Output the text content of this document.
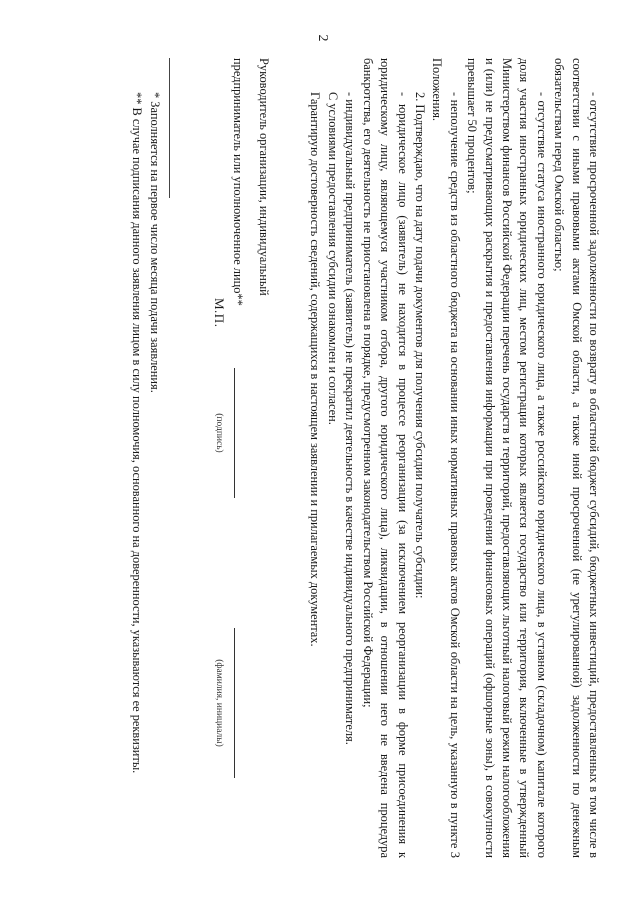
2

- отсутствие просроченной задолженности по возврату в областной бюджет субсидий, бюджетных инвестиций, предоставленных в том числе в соответствии с иными правовыми актами Омской области, а также иной просроченной (не урегулированной) задолженности по денежным обязательствам перед Омской областью;

- отсутствие статуса иностранного юридического лица, а также российского юридического лица, в уставном (складочном) капитале которого доля участия иностранных юридических лиц, местом регистрации которых является государство или территория, включенные в утвержденный Министерством финансов Российской Федерации перечень государств и территорий, предоставляющих льготный налоговый режим налогообложения и (или) не предусматривающих раскрытия и предоставления информации при проведении финансовых операций (офшорные зоны), в совокупности превышает 50 процентов;

- неполучение средств из областного бюджета на основании иных нормативных правовых актов Омской области на цель, указанную в пункте 3 Положения.

2. Подтверждаю, что на дату подачи документов для получения субсидии получатель субсидии:

- юридическое лицо (заявитель) не находится в процессе реорганизации (за исключением реорганизации в форме присоединения к юридическому лицу, являющемуся участником отбора, другого юридического лица), ликвидации, в отношении него не введена процедура банкротства, его деятельность не приостановлена в порядке, предусмотренном законодательством Российской Федерации;

- индивидуальный предприниматель (заявитель) не прекратил деятельность в качестве индивидуального предпринимателя.

С условиями предоставления субсидии ознакомлен и согласен.

Гарантирую достоверность сведений, содержащихся в настоящем заявлении и прилагаемых документах.

Руководитель организации, индивидуальный
предприниматель или уполномоченное лицо**			
М.П.	(подпись)		(фамилия, инициалы)

* Заполняется на первое число месяца подачи заявления.

** В случае подписания данного заявления лицом в силу полномочия, основанного на доверенности, указываются ее реквизиты.
